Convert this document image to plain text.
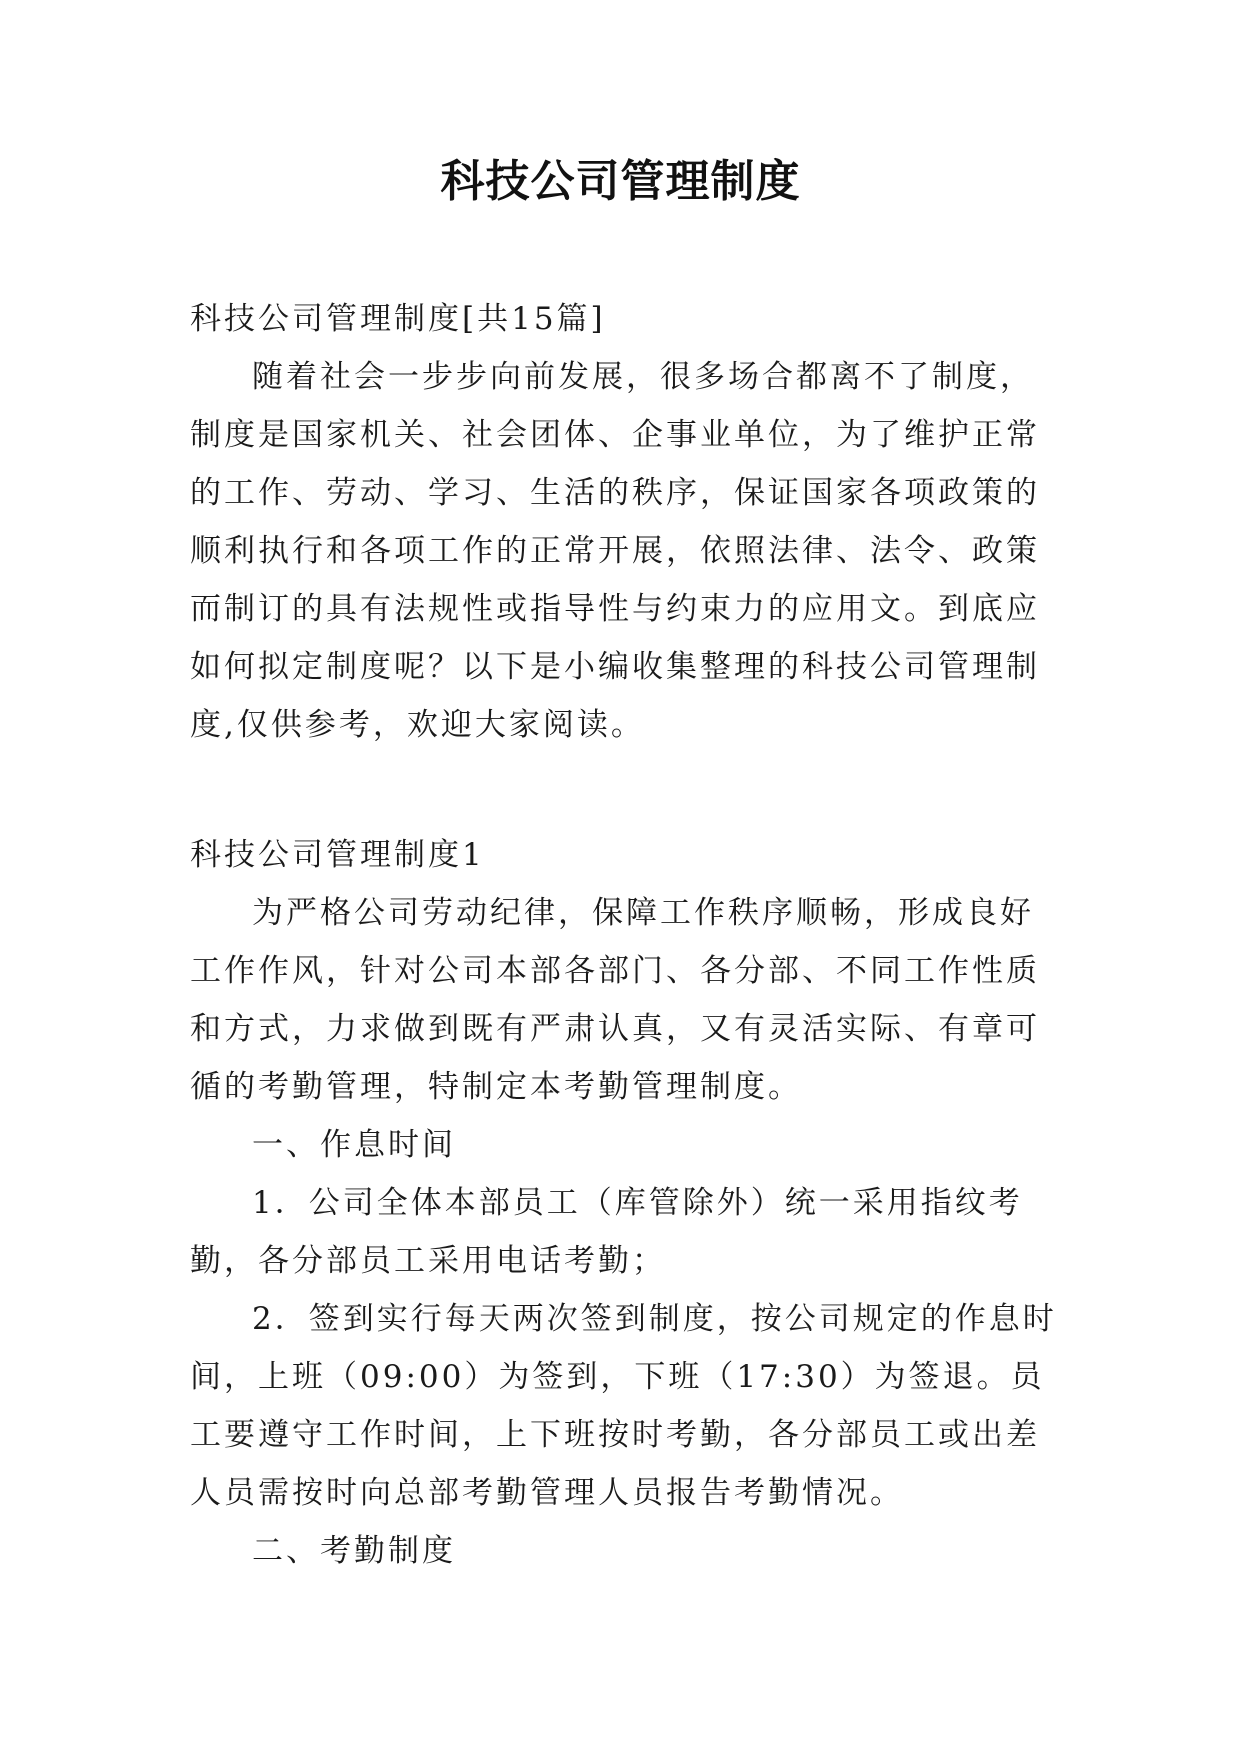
科技公司管理制度

科技公司管理制度[共15篇]

随着社会一步步向前发展，很多场合都离不了制度，制度是国家机关、社会团体、企事业单位，为了维护正常的工作、劳动、学习、生活的秩序，保证国家各项政策的顺利执行和各项工作的正常开展，依照法律、法令、政策而制订的具有法规性或指导性与约束力的应用文。到底应如何拟定制度呢？以下是小编收集整理的科技公司管理制度,仅供参考，欢迎大家阅读。

科技公司管理制度1

为严格公司劳动纪律，保障工作秩序顺畅，形成良好工作作风，针对公司本部各部门、各分部、不同工作性质和方式，力求做到既有严肃认真，又有灵活实际、有章可循的考勤管理，特制定本考勤管理制度。

一、作息时间

1．公司全体本部员工（库管除外）统一采用指纹考勤，各分部员工采用电话考勤；

2．签到实行每天两次签到制度，按公司规定的作息时间，上班（09:00）为签到，下班（17:30）为签退。员工要遵守工作时间，上下班按时考勤，各分部员工或出差人员需按时向总部考勤管理人员报告考勤情况。

二、考勤制度
